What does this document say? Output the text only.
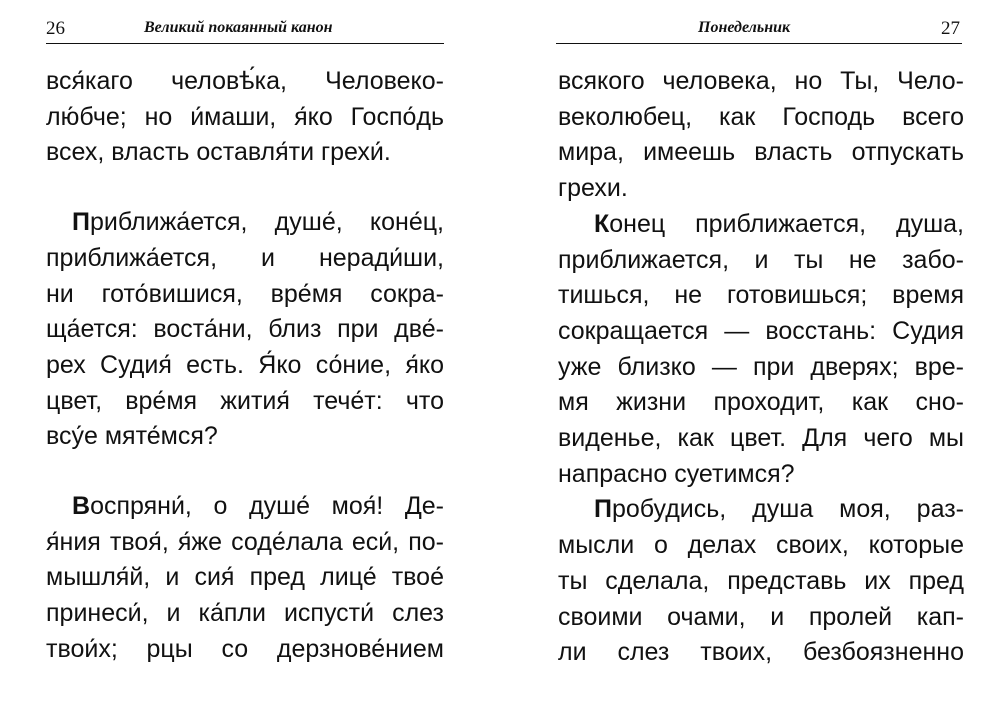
26	Великий покаянный канон
вся́каго человѣ́ка, Человеко-
лю́бче; но и́маши, я́ко Госпо́дь
всех, власть оставля́ти грехи́.
Приближа́ется, душе́, коне́ц,
приближа́ется, и неради́ши,
ни гото́вишися, вре́мя сокра-
ща́ется: воста́ни, близ при две́-
рех Судия́ есть. Я́ко со́ние, я́ко
цвет, вре́мя жития́ тече́т: что
всу́е мяте́мся?
Воспряни́, о душе́ моя́! Де-
я́ния твоя́, я́же соде́лала еси́, по-
мышля́й, и сия́ пред лице́ твое́
принеси́, и ка́пли испусти́ слез
твои́х; рцы со дерзнове́нием
Понедельник	27
всякого человека, но Ты, Чело-
веколюбец, как Господь всего
мира, имеешь власть отпускать
грехи.
Конец приближается, душа,
приближается, и ты не забо-
тишься, не готовишься; время
сокращается — восстань: Судия
уже близко — при дверях; вре-
мя жизни проходит, как сно-
виденье, как цвет. Для чего мы
напрасно суетимся?
Пробудись, душа моя, раз-
мысли о делах своих, которые
ты сделала, представь их пред
своими очами, и пролей кап-
ли слез твоих, безбоязненно
